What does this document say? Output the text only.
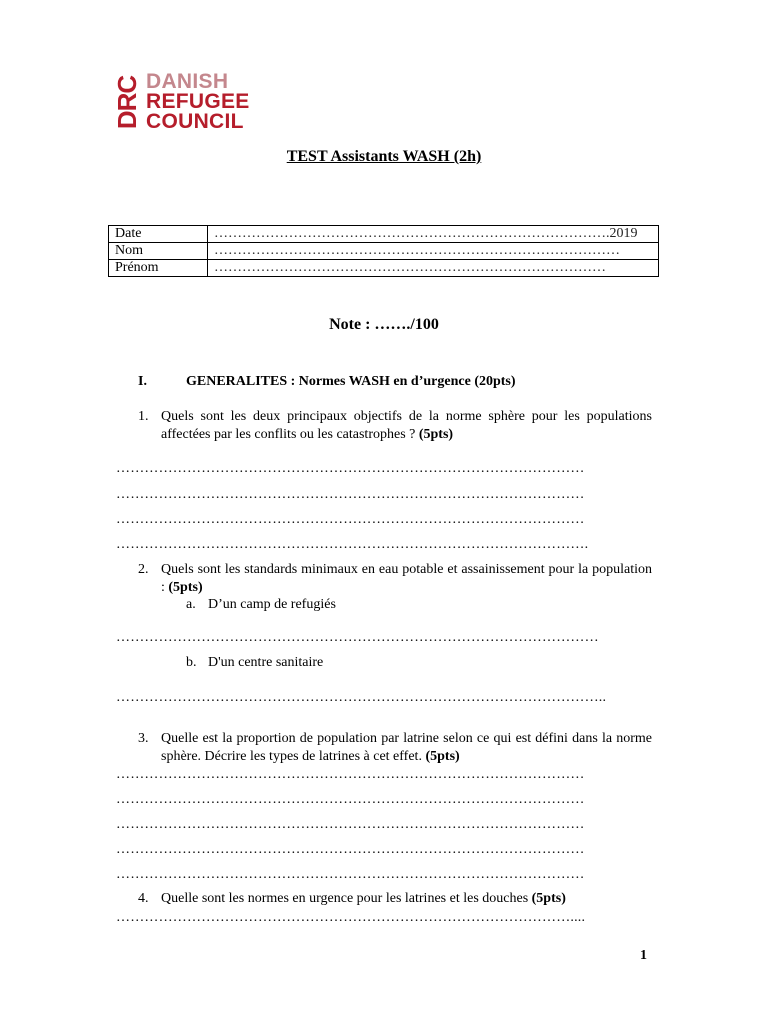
DRC DANISH
REFUGEE
COUNCIL
TEST Assistants WASH (2h)
Date	………………………………………………………………………….2019
Nom	……………………………………………………………………………
Prénom	…………………………………………………………………………
Note : ……./100
I.	GENERALITES : Normes WASH en d’urgence (20pts)
1. Quels sont les deux principaux objectifs de la norme sphère pour les populations affectées par les conflits ou les catastrophes ? (5pts)
………………………………………………………………………………………
………………………………………………………………………………………
………………………………………………………………………………………
……………………………………………………………………………………….
2. Quels sont les standards minimaux en eau potable et assainissement pour la population : (5pts)
a. D’un camp de refugiés
…………………………………………………………………………………………
b. D'un centre sanitaire
…………………………………………………………………………………………..
3. Quelle est la proportion de population par latrine selon ce qui est défini dans la norme sphère. Décrire les types de latrines à cet effet. (5pts)
………………………………………………………………………………………
………………………………………………………………………………………
………………………………………………………………………………………
………………………………………………………………………………………
………………………………………………………………………………………
4. Quelle sont les normes en urgence pour les latrines et les douches (5pts)
……………………………………………………………………………………....
1
